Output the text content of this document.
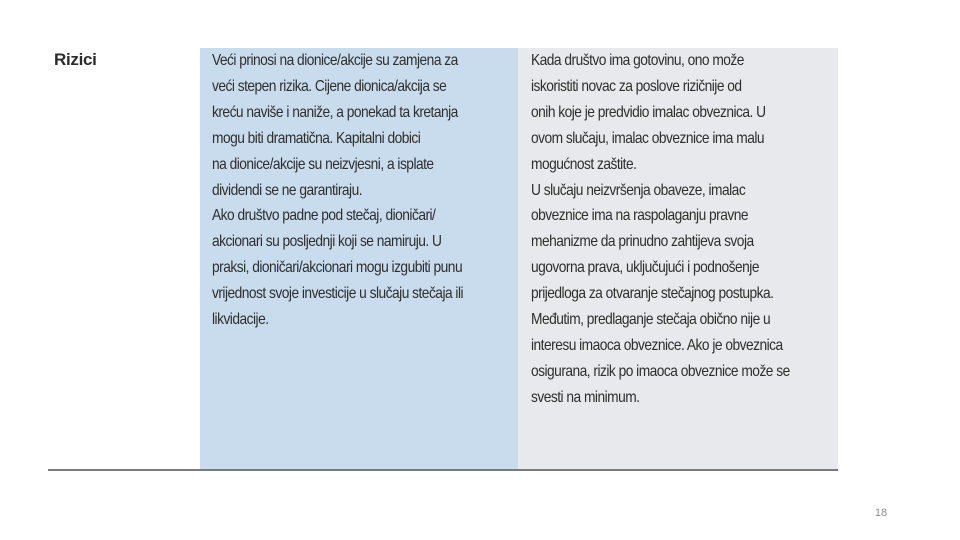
Rizici	Veći prinosi na dionice/akcije su zamjena za
veći stepen rizika. Cijene dionica/akcija se
kreću naviše i naniže, a ponekad ta kretanja
mogu biti dramatična. Kapitalni dobici
na dionice/akcije su neizvjesni, a isplate
dividendi se ne garantiraju.
Ako društvo padne pod stečaj, dioničari/
akcionari su posljednji koji se namiruju. U
praksi, dioničari/akcionari mogu izgubiti punu
vrijednost svoje investicije u slučaju stečaja ili
likvidacije.
Kada društvo ima gotovinu, ono može
iskoristiti novac za poslove rizičnije od
onih koje je predvidio imalac obveznica. U
ovom slučaju, imalac obveznice ima malu
mogućnost zaštite.
U slučaju neizvršenja obaveze, imalac
obveznice ima na raspolaganju pravne
mehanizme da prinudno zahtijeva svoja
ugovorna prava, uključujući i podnošenje
prijedloga za otvaranje stečajnog postupka.
Međutim, predlaganje stečaja obično nije u
interesu imaoca obveznice. Ako je obveznica
osigurana, rizik po imaoca obveznice može se
svesti na minimum.
18
